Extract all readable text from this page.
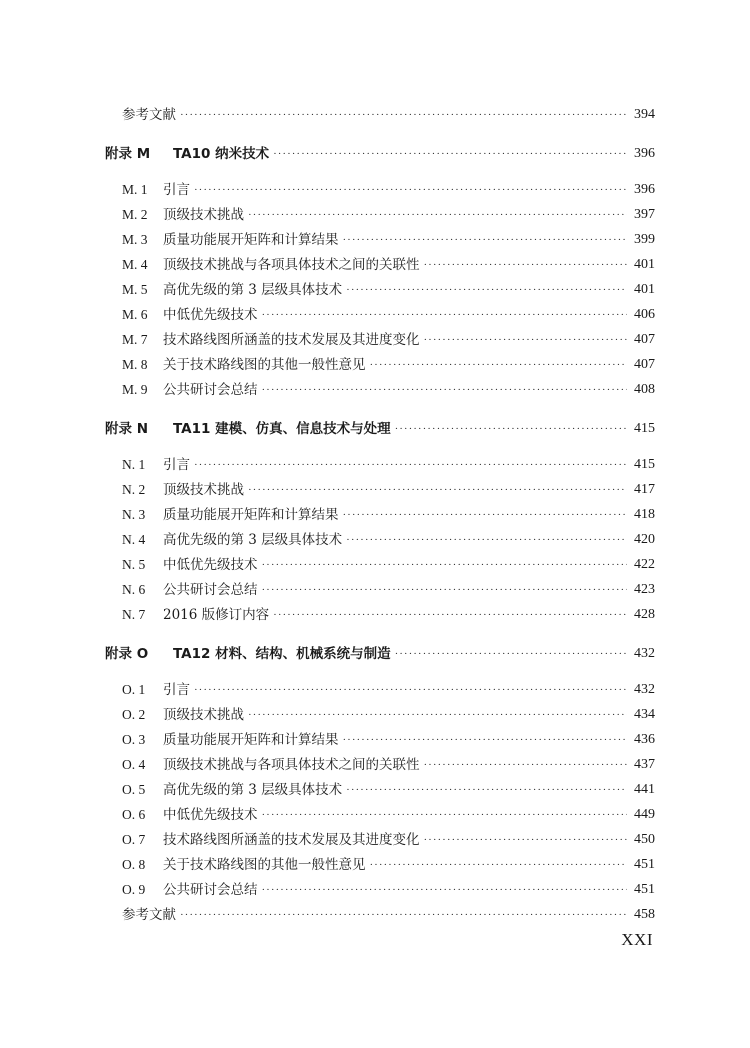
参考文献 ·····	394
附录 M	TA10 纳米技术 ·····	396
M. 1	引言 ·····	396
M. 2	顶级技术挑战 ·····	397
M. 3	质量功能展开矩阵和计算结果 ·····	399
M. 4	顶级技术挑战与各项具体技术之间的关联性 ·····	401
M. 5	高优先级的第 3 层级具体技术 ·····	401
M. 6	中低优先级技术 ·····	406
M. 7	技术路线图所涵盖的技术发展及其进度变化 ·····	407
M. 8	关于技术路线图的其他一般性意见 ·····	407
M. 9	公共研讨会总结 ·····	408
附录 N	TA11 建模、仿真、信息技术与处理 ·····	415
N. 1	引言 ·····	415
N. 2	顶级技术挑战 ·····	417
N. 3	质量功能展开矩阵和计算结果 ·····	418
N. 4	高优先级的第 3 层级具体技术 ·····	420
N. 5	中低优先级技术 ·····	422
N. 6	公共研讨会总结 ·····	423
N. 7	2016 版修订内容 ·····	428
附录 O	TA12 材料、结构、机械系统与制造 ·····	432
O. 1	引言 ·····	432
O. 2	顶级技术挑战 ·····	434
O. 3	质量功能展开矩阵和计算结果 ·····	436
O. 4	顶级技术挑战与各项具体技术之间的关联性 ·····	437
O. 5	高优先级的第 3 层级具体技术 ·····	441
O. 6	中低优先级技术 ·····	449
O. 7	技术路线图所涵盖的技术发展及其进度变化 ·····	450
O. 8	关于技术路线图的其他一般性意见 ·····	451
O. 9	公共研讨会总结 ·····	451
参考文献 ·····	458
XXI
